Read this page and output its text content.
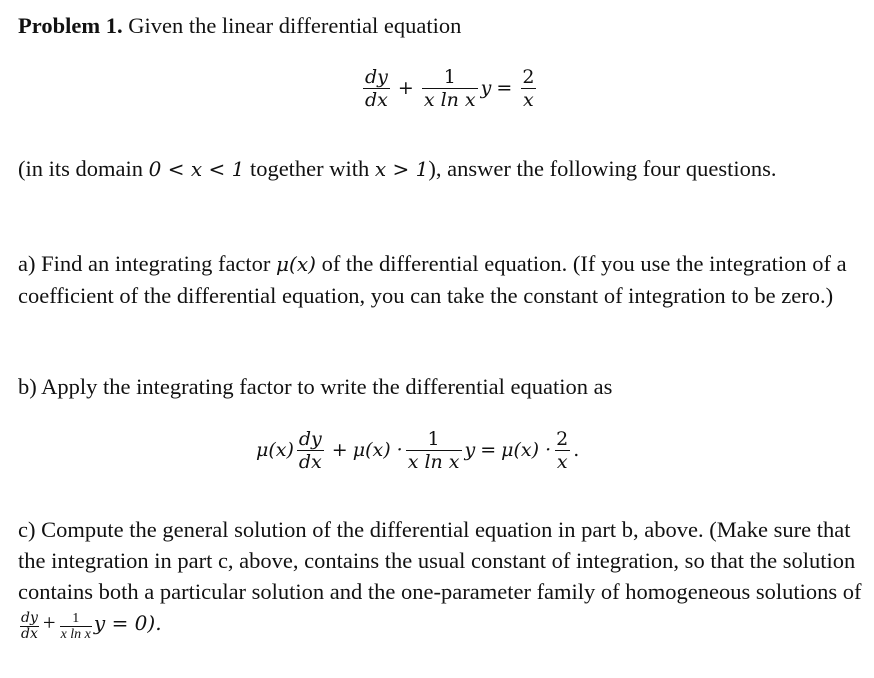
Problem 1. Given the linear differential equation
$\frac{dy}{dx} + \frac{1}{\text{x ln x}}$ $y = \frac{2}{x}$
(in its domain 0 < x < 1 together with x > 1), answer the following four questions.
a) Find an integrating factor μ(x) of the differential equation. (If you use the integration of a coefficient of the differential equation, you can take the constant of integration to be zero.)
b) Apply the integrating factor to write the differential equation as
$\mu(x) \frac{dy}{dx} + \mu(x) \cdot \frac{1}{\text{x ln x}}$ $y = \mu(x) \cdot \frac{2}{x}$ .
c) Compute the general solution of the differential equation in part b, above. (Make sure that the integration in part c, above, contains the usual constant of integration, so that the solution contains both a particular solution and the one-parameter family of homogeneous solutions of
$\frac{dy}{dx} + \frac{1}{\text{x ln x}}$ y = 0).
